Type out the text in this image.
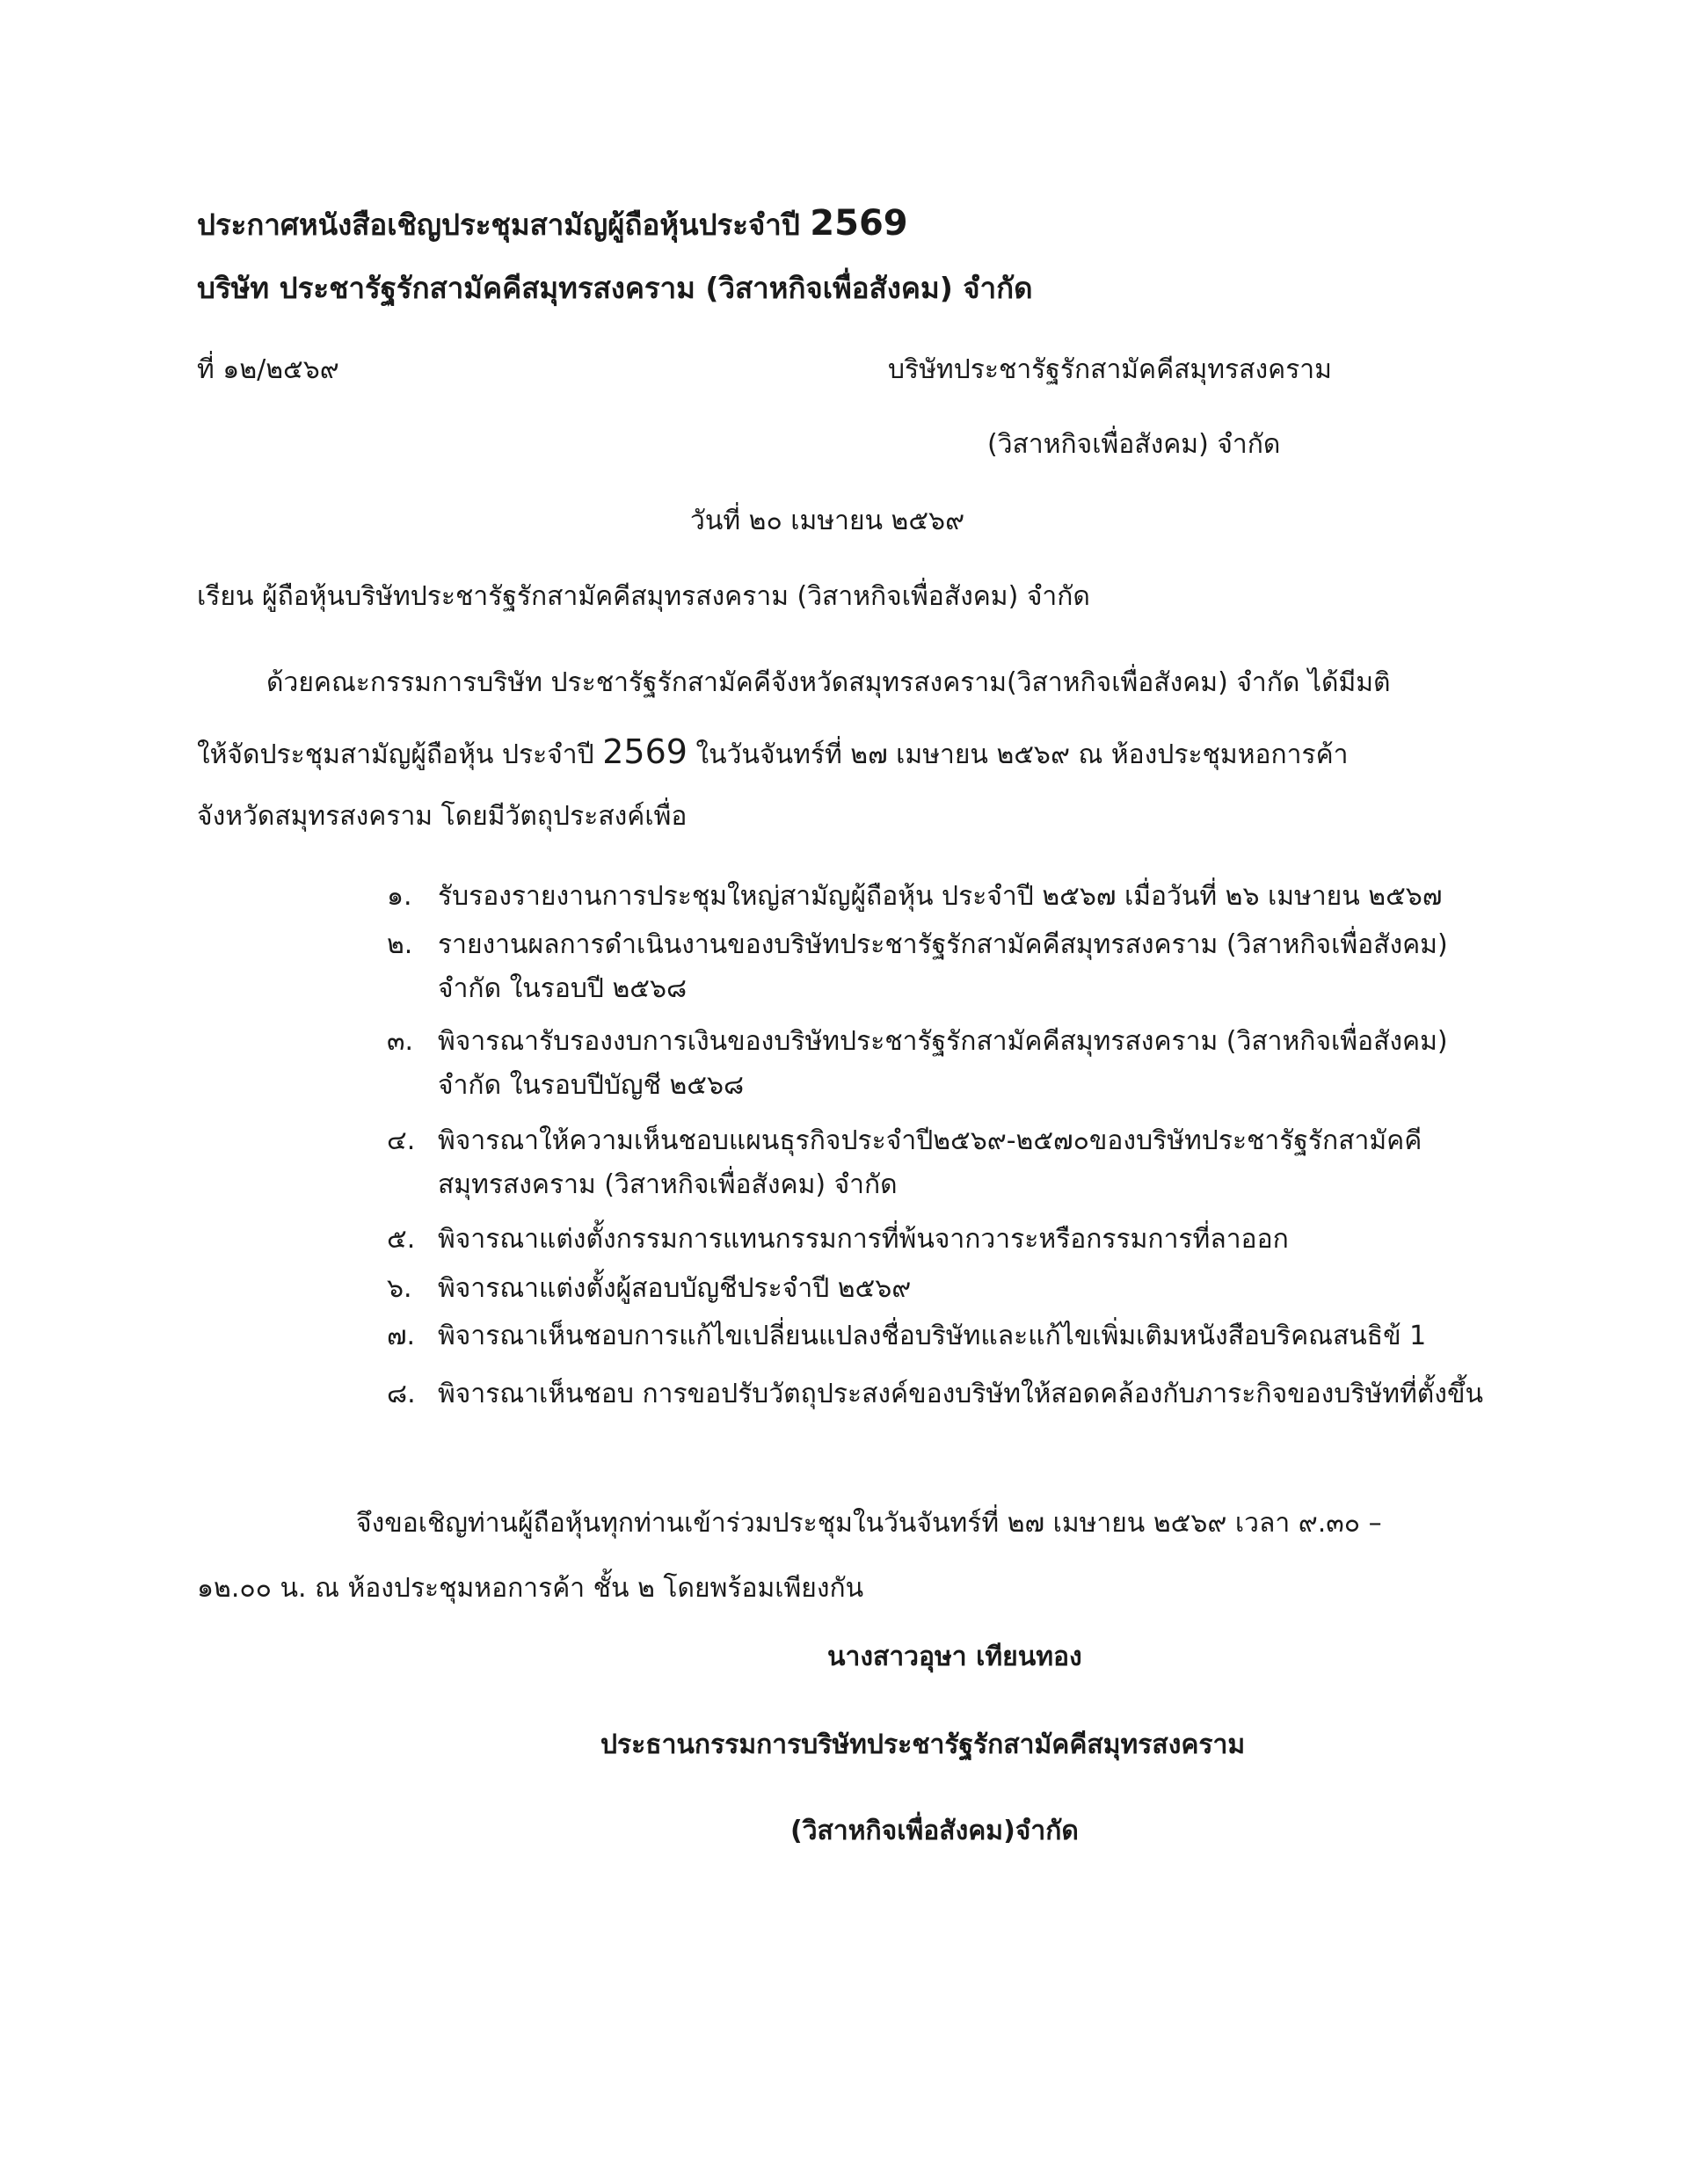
ประกาศหนังสือเชิญประชุมสามัญผู้ถือหุ้นประจำปี 2569
บริษัท ประชารัฐรักสามัคคีสมุทรสงคราม (วิสาหกิจเพื่อสังคม) จำกัด
ที่ ๑๒/๒๕๖๙	บริษัทประชารัฐรักสามัคคีสมุทรสงคราม
(วิสาหกิจเพื่อสังคม) จำกัด
วันที่ ๒๐ เมษายน ๒๕๖๙
เรียน ผู้ถือหุ้นบริษัทประชารัฐรักสามัคคีสมุทรสงคราม (วิสาหกิจเพื่อสังคม) จำกัด
ด้วยคณะกรรมการบริษัท ประชารัฐรักสามัคคีจังหวัดสมุทรสงคราม(วิสาหกิจเพื่อสังคม) จำกัด ได้มีมติ
ให้จัดประชุมสามัญผู้ถือหุ้น ประจำปี 2569 ในวันจันทร์ที่ ๒๗ เมษายน ๒๕๖๙ ณ ห้องประชุมหอการค้า
จังหวัดสมุทรสงคราม โดยมีวัตถุประสงค์เพื่อ
๑. รับรองรายงานการประชุมใหญ่สามัญผู้ถือหุ้น ประจำปี ๒๕๖๗ เมื่อวันที่ ๒๖ เมษายน ๒๕๖๗
๒. รายงานผลการดำเนินงานของบริษัทประชารัฐรักสามัคคีสมุทรสงคราม (วิสาหกิจเพื่อสังคม) จำกัด ในรอบปี ๒๕๖๘
๓. พิจารณารับรองงบการเงินของบริษัทประชารัฐรักสามัคคีสมุทรสงคราม (วิสาหกิจเพื่อสังคม) จำกัด ในรอบปีบัญชี ๒๕๖๘
๔. พิจารณาให้ความเห็นชอบแผนธุรกิจประจำปี๒๕๖๙-๒๕๗๐ของบริษัทประชารัฐรักสามัคคีสมุทรสงคราม (วิสาหกิจเพื่อสังคม) จำกัด
๕. พิจารณาแต่งตั้งกรรมการแทนกรรมการที่พ้นจากวาระหรือกรรมการที่ลาออก
๖. พิจารณาแต่งตั้งผู้สอบบัญชีประจำปี ๒๕๖๙
๗. พิจารณาเห็นชอบการแก้ไขเปลี่ยนแปลงชื่อบริษัทและแก้ไขเพิ่มเติมหนังสือบริคณสนธิข้ 1
๘. พิจารณาเห็นชอบ การขอปรับวัตถุประสงค์ของบริษัทให้สอดคล้องกับภาระกิจของบริษัทที่ตั้งขึ้น
จึงขอเชิญท่านผู้ถือหุ้นทุกท่านเข้าร่วมประชุมในวันจันทร์ที่ ๒๗ เมษายน ๒๕๖๙ เวลา ๙.๓๐ –
๑๒.๐๐ น. ณ ห้องประชุมหอการค้า ชั้น ๒ โดยพร้อมเพียงกัน
นางสาวอุษา เทียนทอง
ประธานกรรมการบริษัทประชารัฐรักสามัคคีสมุทรสงคราม
(วิสาหกิจเพื่อสังคม)จำกัด
